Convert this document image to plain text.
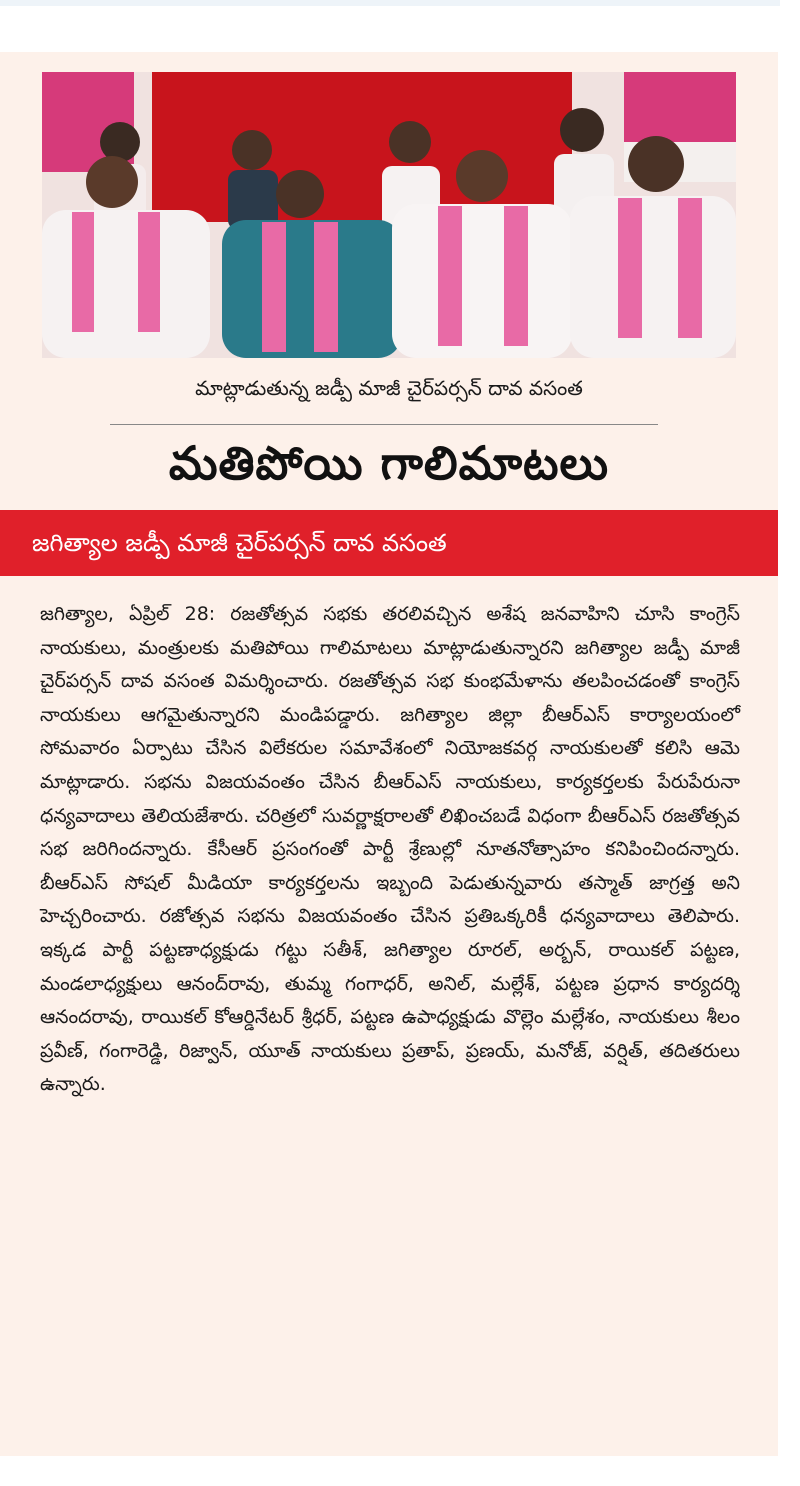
మాట్లాడుతున్న జడ్పీ మాజీ చైర్‌పర్సన్ దావ వసంత
మతిపోయి గాలిమాటలు
జగిత్యాల జడ్పీ మాజీ చైర్‌పర్సన్ దావ వసంత
జగిత్యాల, ఏప్రిల్ 28: రజతోత్సవ సభకు తరలివచ్చిన అశేష జనవాహిని చూసి కాంగ్రెస్ నాయకులు, మంత్రులకు మతిపోయి గాలిమాటలు మాట్లాడుతున్నారని జగిత్యాల జడ్పీ మాజీ చైర్‌పర్సన్ దావ వసంత విమర్శించారు. రజతోత్సవ సభ కుంభమేళాను తలపించడంతో కాంగ్రెస్ నాయకులు ఆగమైతున్నారని మండిపడ్డారు. జగిత్యాల జిల్లా బీఆర్‌ఎస్ కార్యాలయంలో సోమవారం ఏర్పాటు చేసిన విలేకరుల సమావేశంలో నియోజకవర్గ నాయకులతో కలిసి ఆమె మాట్లాడారు. సభను విజయవంతం చేసిన బీఆర్‌ఎస్ నాయకులు, కార్యకర్తలకు పేరుపేరునా ధన్యవాదాలు తెలియజేశారు. చరిత్రలో సువర్ణాక్షరాలతో లిఖించబడే విధంగా బీఆర్‌ఎస్ రజతోత్సవ సభ జరిగిందన్నారు. కేసీఆర్ ప్రసంగంతో పార్టీ శ్రేణుల్లో నూతనోత్సాహం కనిపించిందన్నారు. బీఆర్‌ఎస్ సోషల్ మీడియా కార్యకర్తలను ఇబ్బంది పెడుతున్నవారు తస్మాత్ జాగ్రత్త అని హెచ్చరించారు. రజోత్సవ సభను విజయవంతం చేసిన ప్రతిఒక్కరికీ ధన్యవాదాలు తెలిపారు. ఇక్కడ పార్టీ పట్టణాధ్యక్షుడు గట్టు సతీశ్, జగిత్యాల రూరల్, అర్బన్, రాయికల్ పట్టణ, మండలాధ్యక్షులు ఆనంద్‌రావు, తుమ్మ గంగాధర్, అనిల్, మల్లేశ్, పట్టణ ప్రధాన కార్యదర్శి ఆనందరావు, రాయికల్ కోఆర్డినేటర్ శ్రీధర్, పట్టణ ఉపాధ్యక్షుడు వొల్లెం మల్లేశం, నాయకులు శీలం ప్రవీణ్, గంగారెడ్డి, రిజ్వాన్, యూత్ నాయకులు ప్రతాప్, ప్రణయ్, మనోజ్, వర్షిత్, తదితరులు ఉన్నారు.
